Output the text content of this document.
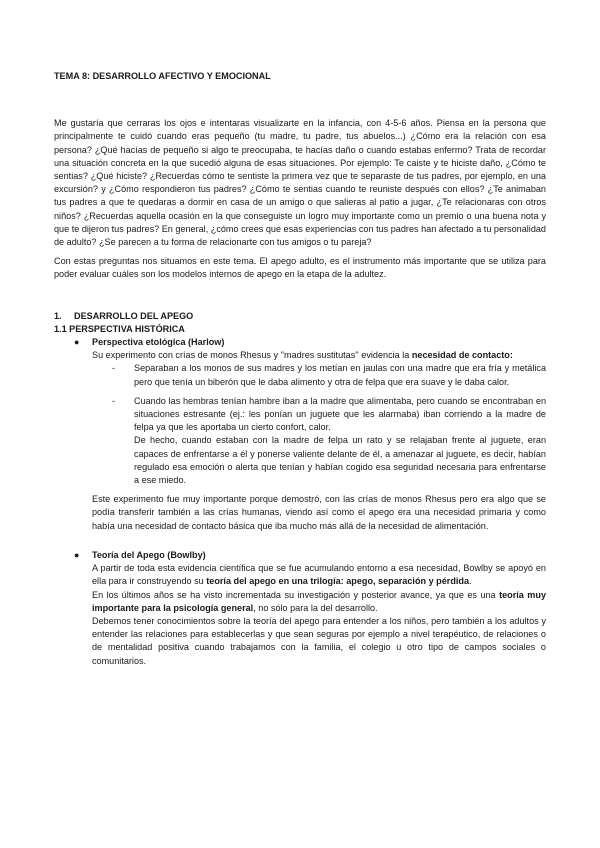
TEMA 8: DESARROLLO AFECTIVO Y EMOCIONAL

Me gustaría que cerraras los ojos e intentaras visualizarte en la infancia, con 4-5-6 años. Piensa en la persona que principalmente te cuidó cuando eras pequeño (tu madre, tu padre, tus abuelos...) ¿Cómo era la relación con esa persona? ¿Qué hacías de pequeño si algo te preocupaba, te hacías daño o cuando estabas enfermo? Trata de recordar una situación concreta en la que sucedió alguna de esas situaciones. Por ejemplo: Te caiste y te hiciste daño, ¿Cómo te sentias? ¿Qué hiciste? ¿Recuerdas cómo te sentiste la primera vez que te separaste de tus padres, por ejemplo, en una excursión? y ¿Cómo respondieron tus padres? ¿Cómo te sentias cuando te reuniste después con ellos? ¿Te animaban tus padres a que te quedaras a dormir en casa de un amigo o que salieras al patio a jugar, ¿Te relacionaras con otros niños? ¿Recuerdas aquella ocasión en la que conseguiste un logro muy importante como un premio o una buena nota y que te dijeron tus padres? En general, ¿cómo crees que esas experiencias con tus padres han afectado a tu personalidad de adulto? ¿Se parecen a tu forma de relacionarte con tus amigos o tu pareja?

Con estas preguntas nos situamos en este tema. El apego adulto, es el instrumento más importante que se utiliza para poder evaluar cuáles son los modelos internos de apego en la etapa de la adultez.

1. DESARROLLO DEL APEGO
1.1 PERSPECTIVA HISTÓRICA
● Perspectiva etológica (Harlow)

Su experimento con crías de monos Rhesus y ''madres sustitutas'' evidencia la necesidad de contacto:

- Separaban a los monos de sus madres y los metían en jaulas con una madre que era fría y metálica pero que tenía un biberón que le daba alimento y otra de felpa que era suave y le daba calor.

- Cuando las hembras tenían hambre iban a la madre que alimentaba, pero cuando se encontraban en situaciones estresante (ej.: les ponían un juguete que les alarmaba) iban corriendo a la madre de felpa ya que les aportaba un cierto confort, calor.

De hecho, cuando estaban con la madre de felpa un rato y se relajaban frente al juguete, eran capaces de enfrentarse a él y ponerse valiente delante de él, a amenazar al juguete, es decir, habían regulado esa emoción o alerta que tenían y habían cogido esa seguridad necesaria para enfrentarse a ese miedo.

Este experimento fue muy importante porque demostró, con las crías de monos Rhesus pero era algo que se podía transferir también a las crías humanas, viendo así como el apego era una necesidad primaria y como había una necesidad de contacto básica que iba mucho más allá de la necesidad de alimentación.

● Teoría del Apego (Bowlby)

A partir de toda esta evidencia científica que se fue acumulando entorno a esa necesidad, Bowlby se apoyó en ella para ir construyendo su teoría del apego en una trilogía: apego, separación y pérdida.

En los últimos años se ha visto incrementada su investigación y posterior avance, ya que es una teoría muy importante para la psicología general, no sólo para la del desarrollo.

Debemos tener conocimientos sobre la teoría del apego para entender a los niños, pero también a los adultos y entender las relaciones para establecerlas y que sean seguras por ejemplo a nivel terapéutico, de relaciones o de mentalidad positiva cuando trabajamos con la familia, el colegio u otro tipo de campos sociales o comunitarios.
